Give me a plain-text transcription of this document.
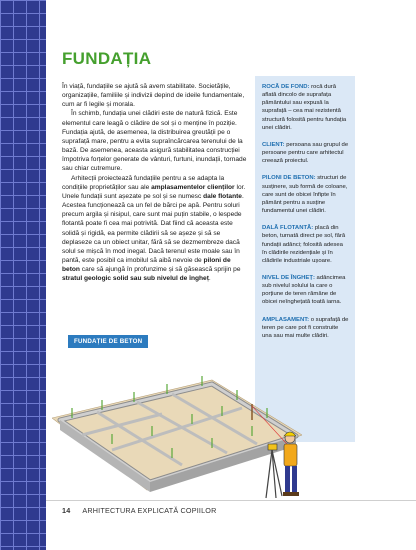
FUNDAȚIA

În viață, fundațiile se ajută să avem stabilitate. Societățile, organizațiile, familiile și indivizii depind de ideile fundamentale, cum ar fi legile și morala.

În schimb, fundația unei clădiri este de natură fizică. Este elementul care leagă o clădire de sol și o menține în poziție. Fundația ajută, de asemenea, la distribuirea greutății pe o suprafață mare, pentru a evita supraîncărcarea terenului de la bază. De asemenea, aceasta asigură stabilitatea construcției împotriva forțelor generate de vânturi, furtuni, inundații, tornade sau chiar cutremure.

Arhitecții proiectează fundațiile pentru a se adapta la condițiile proprietăților sau ale amplasamentelor clienților lor. Unele fundații sunt așezate pe sol și se numesc dale flotante. Acestea funcționează ca un fel de bărci pe apă. Pentru soluri precum argila și nisipul, care sunt mai puțin stabile, o lespede flotantă poate fi cea mai potrivită. Dat fiind că aceasta este solidă și rigidă, ea permite clădirii să se așeze și să se deplaseze ca un obiect unitar, fără să se dezmembreze dacă solul se mișcă în mod inegal. Dacă terenul este moale sau în pantă, este posibil ca imobilul să aibă nevoie de piloni de beton care să ajungă în profunzime și să găsească sprijin pe stratul geologic solid sau sub nivelul de îngheț.

ROCĂ DE FOND: rocă dură aflată dincolo de suprafața pământului sau expusă la suprafață – cea mai rezistentă structură folosită pentru fundația unei clădiri.
CLIENT: persoana sau grupul de persoane pentru care arhitectul creează proiectul.
PILONI DE BETON: structuri de susținere, sub formă de coloane, care sunt de obicei înfipte în pământ pentru a susține fundamentul unei clădiri.
DALĂ FLOTANTĂ: placă din beton, turnată direct pe sol, fără fundații adânci; folosită adesea în clădirile rezidențiale și în clădirile industriale ușoare.
NIVEL DE ÎNGHEȚ: adâncimea sub nivelul solului la care o porțiune de teren rămâne de obicei neînghețată toată iarna.
AMPLASAMENT: o suprafață de teren pe care pot fi construite una sau mai multe clădiri.
FUNDAȚIE DE BETON
14 ARHITECTURA EXPLICATĂ COPIILOR
